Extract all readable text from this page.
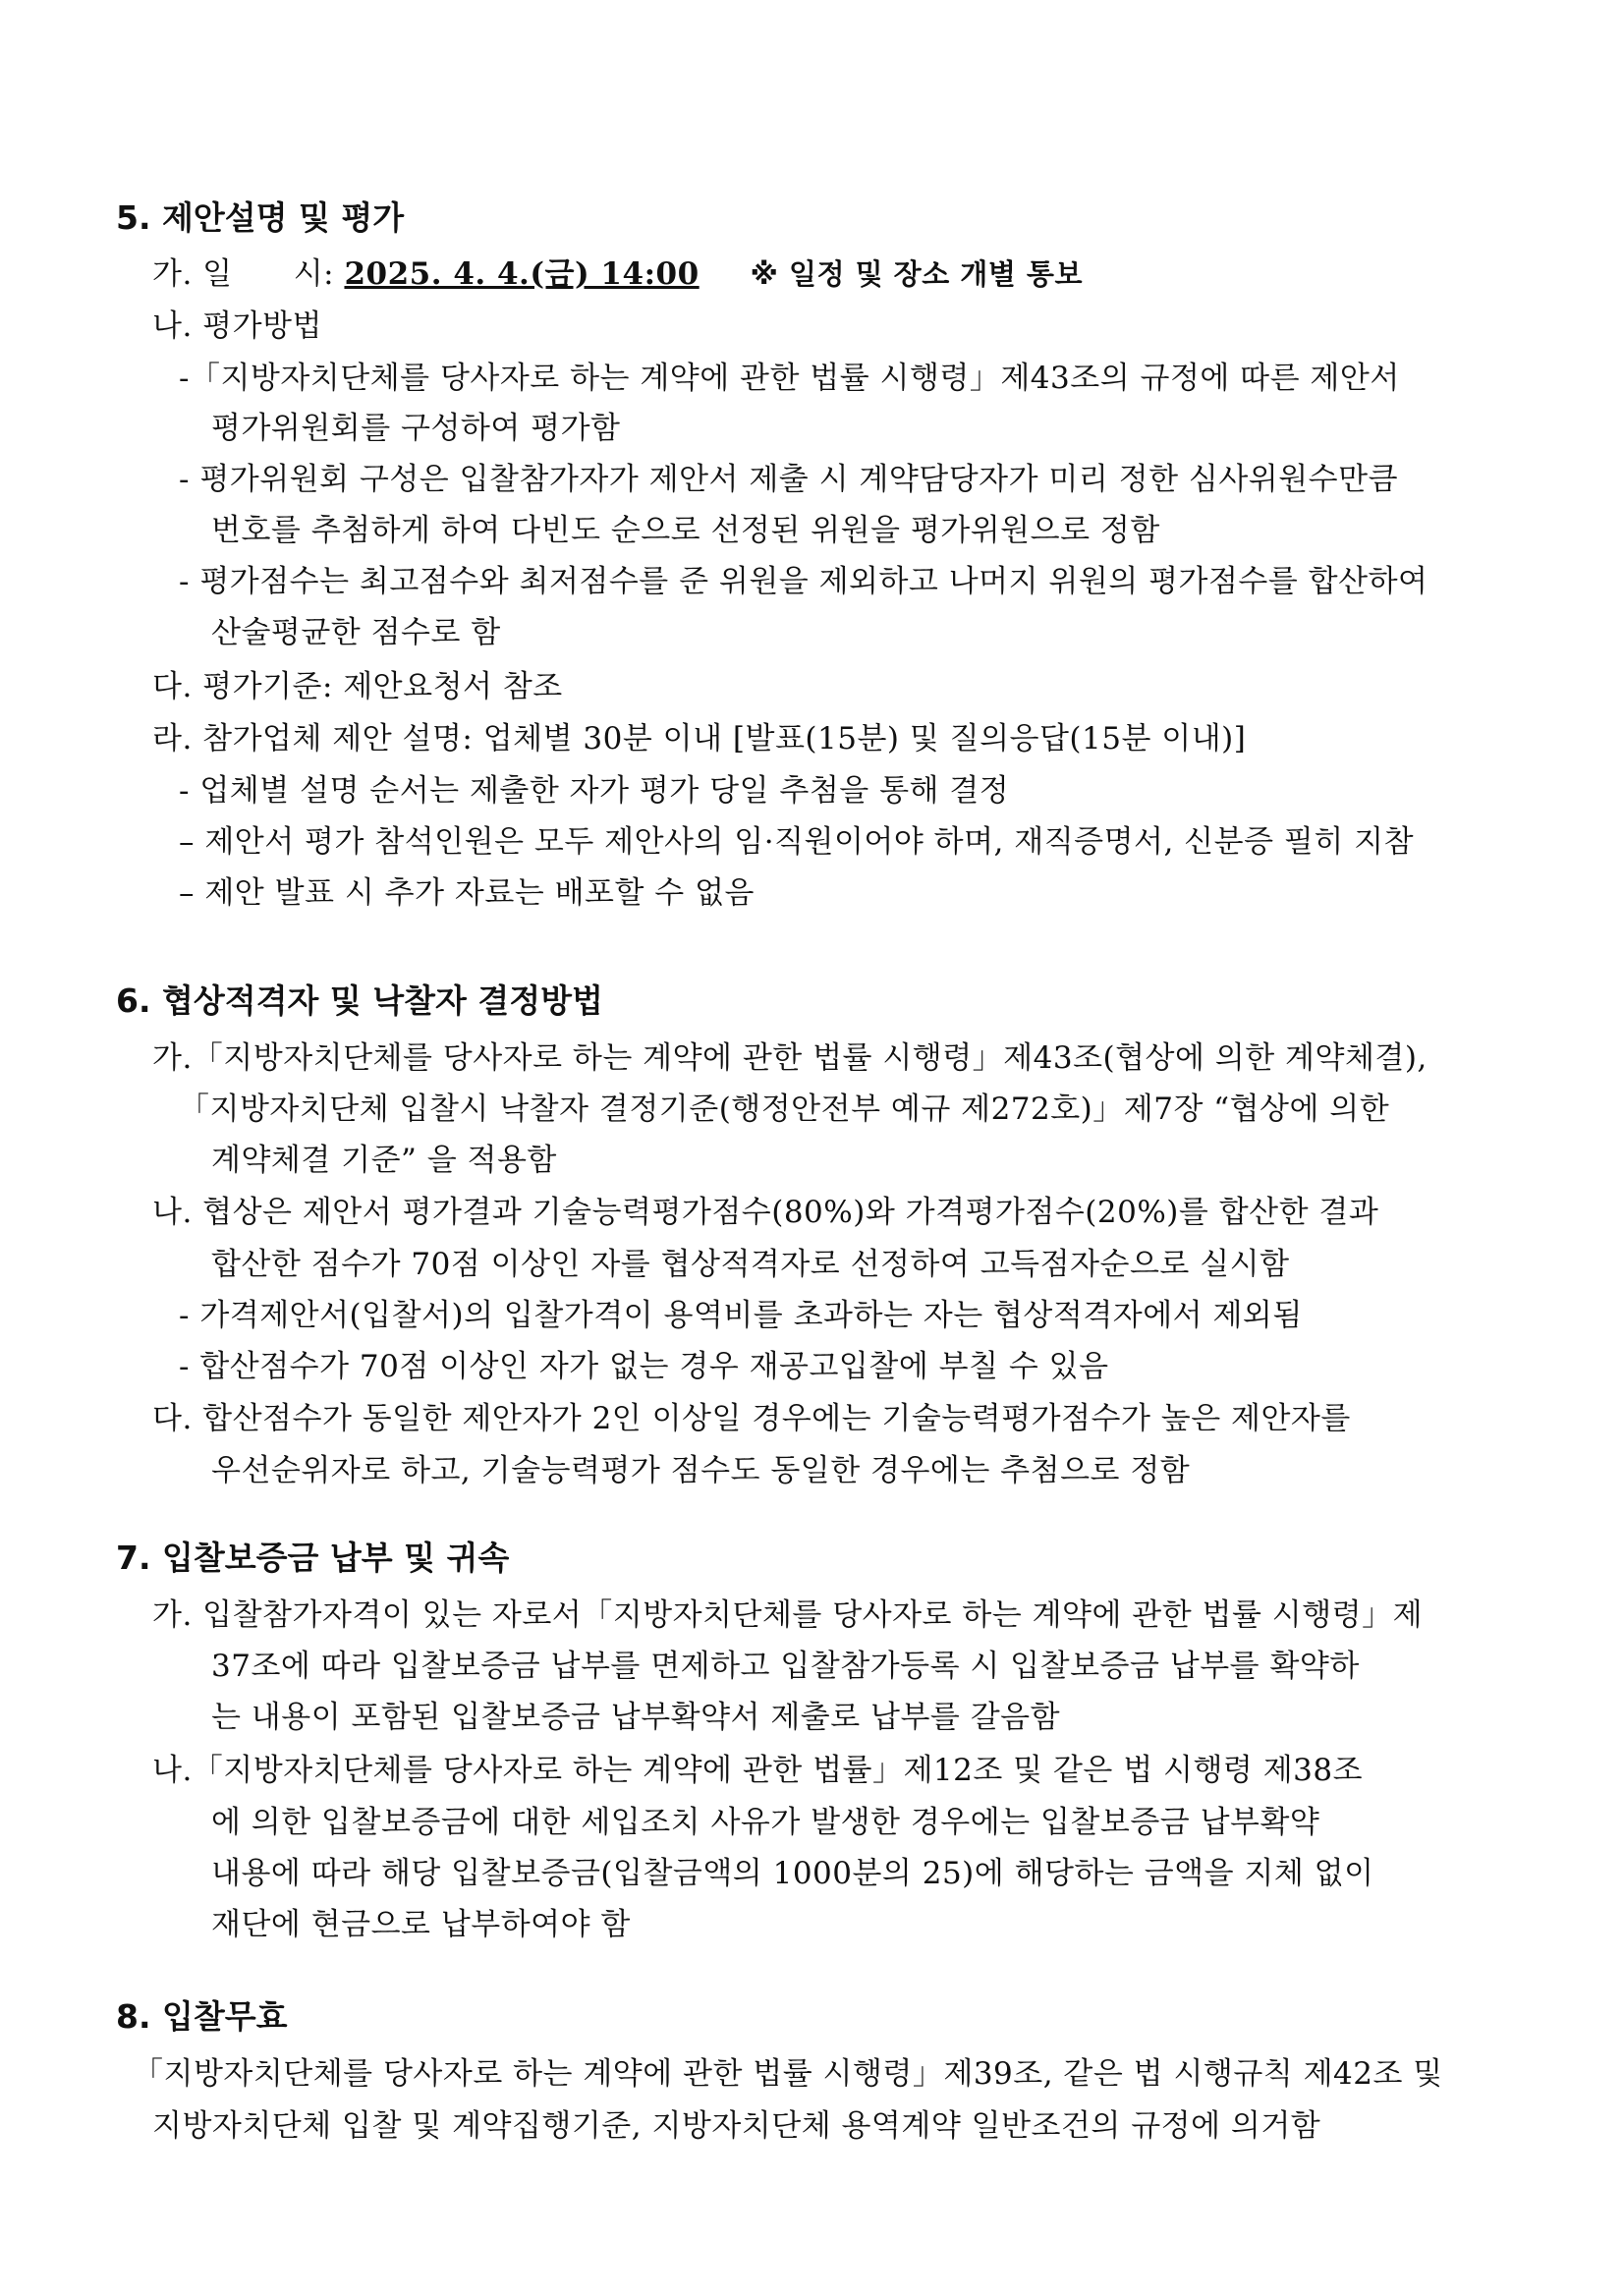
5. 제안설명 및 평가
가. 일      시: 2025. 4. 4.(금) 14:00 ※ 일정 및 장소 개별 통보
나. 평가방법
-「지방자치단체를 당사자로 하는 계약에 관한 법률 시행령」제43조의 규정에 따른 제안서
평가위원회를 구성하여 평가함
- 평가위원회 구성은 입찰참가자가 제안서 제출 시 계약담당자가 미리 정한 심사위원수만큼
번호를 추첨하게 하여 다빈도 순으로 선정된 위원을 평가위원으로 정함
- 평가점수는 최고점수와 최저점수를 준 위원을 제외하고 나머지 위원의 평가점수를 합산하여
산술평균한 점수로 함
다. 평가기준: 제안요청서 참조
라. 참가업체 제안 설명: 업체별 30분 이내 [발표(15분) 및 질의응답(15분 이내)]
- 업체별 설명 순서는 제출한 자가 평가 당일 추첨을 통해 결정
– 제안서 평가 참석인원은 모두 제안사의 임·직원이어야 하며, 재직증명서, 신분증 필히 지참
– 제안 발표 시 추가 자료는 배포할 수 없음
6. 협상적격자 및 낙찰자 결정방법
가.「지방자치단체를 당사자로 하는 계약에 관한 법률 시행령」제43조(협상에 의한 계약체결),
「지방자치단체 입찰시 낙찰자 결정기준(행정안전부 예규 제272호)」제7장 “협상에 의한
계약체결 기준” 을 적용함
나. 협상은 제안서 평가결과 기술능력평가점수(80%)와 가격평가점수(20%)를 합산한 결과
합산한 점수가 70점 이상인 자를 협상적격자로 선정하여 고득점자순으로 실시함
- 가격제안서(입찰서)의 입찰가격이 용역비를 초과하는 자는 협상적격자에서 제외됨
- 합산점수가 70점 이상인 자가 없는 경우 재공고입찰에 부칠 수 있음
다. 합산점수가 동일한 제안자가 2인 이상일 경우에는 기술능력평가점수가 높은 제안자를
우선순위자로 하고, 기술능력평가 점수도 동일한 경우에는 추첨으로 정함
7. 입찰보증금 납부 및 귀속
가. 입찰참가자격이 있는 자로서「지방자치단체를 당사자로 하는 계약에 관한 법률 시행령」제
37조에 따라 입찰보증금 납부를 면제하고 입찰참가등록 시 입찰보증금 납부를 확약하
는 내용이 포함된 입찰보증금 납부확약서 제출로 납부를 갈음함
나.「지방자치단체를 당사자로 하는 계약에 관한 법률」제12조 및 같은 법 시행령 제38조
에 의한 입찰보증금에 대한 세입조치 사유가 발생한 경우에는 입찰보증금 납부확약
내용에 따라 해당 입찰보증금(입찰금액의 1000분의 25)에 해당하는 금액을 지체 없이
재단에 현금으로 납부하여야 함
8. 입찰무효
「지방자치단체를 당사자로 하는 계약에 관한 법률 시행령」제39조, 같은 법 시행규칙 제42조 및
지방자치단체 입찰 및 계약집행기준, 지방자치단체 용역계약 일반조건의 규정에 의거함
